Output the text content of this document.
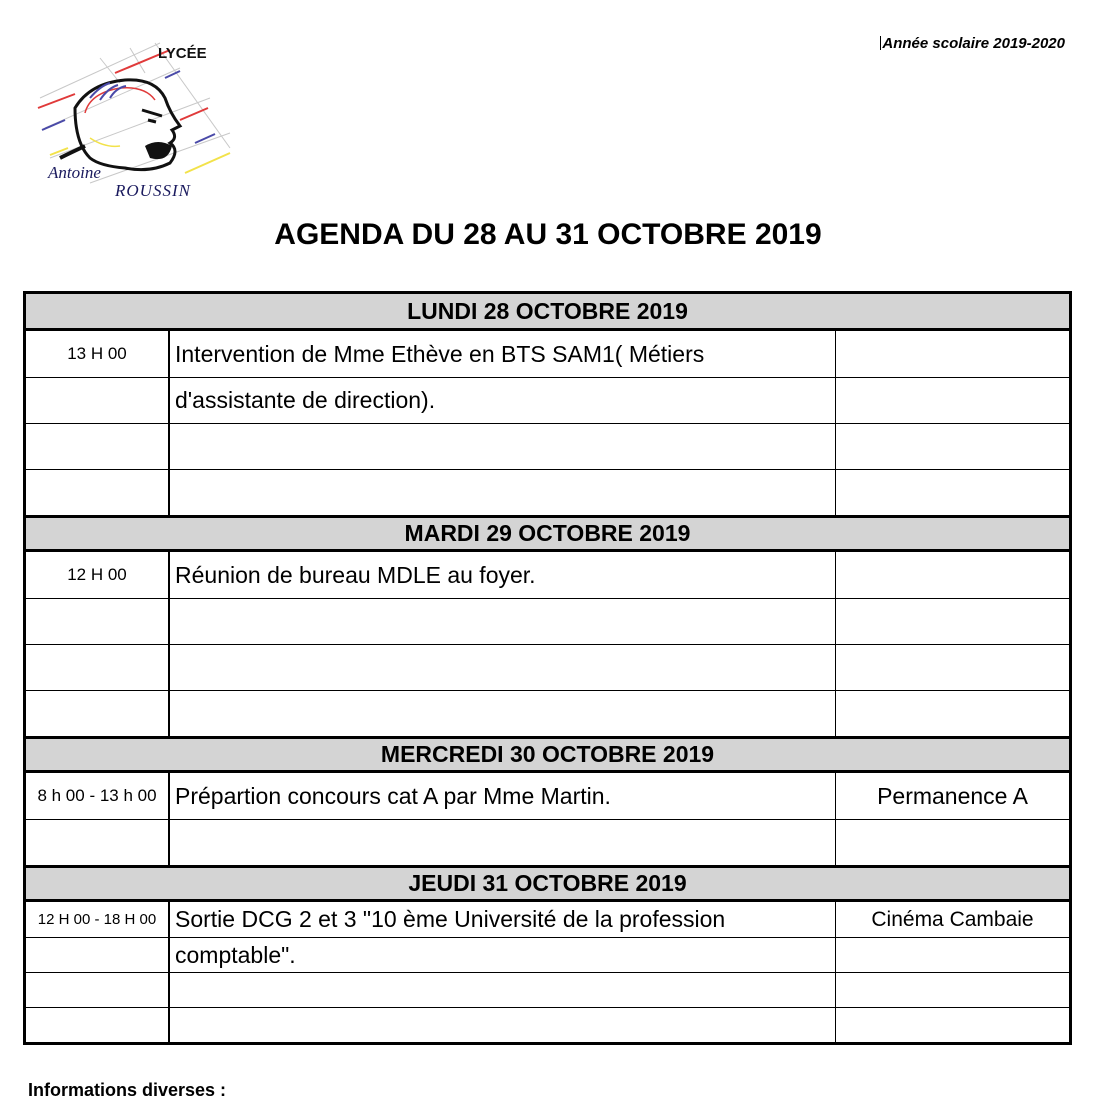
LYCÉE
Antoine
ROUSSIN
Année scolaire 2019-2020
AGENDA DU 28 AU 31 OCTOBRE 2019
LUNDI 28 OCTOBRE 2019
13 H 00	Intervention de Mme Ethève en BTS SAM1( Métiers
d'assistante de direction).
MARDI 29 OCTOBRE 2019
12 H 00	Réunion de bureau MDLE au foyer.
MERCREDI 30 OCTOBRE 2019
8 h 00 - 13 h 00 Prépartion concours cat A par Mme Martin.	Permanence A
JEUDI 31 OCTOBRE 2019
12 H 00 - 18 H 00 Sortie DCG 2 et 3 "10 ème Université de la profession	Cinéma Cambaie
comptable".
Informations diverses :
